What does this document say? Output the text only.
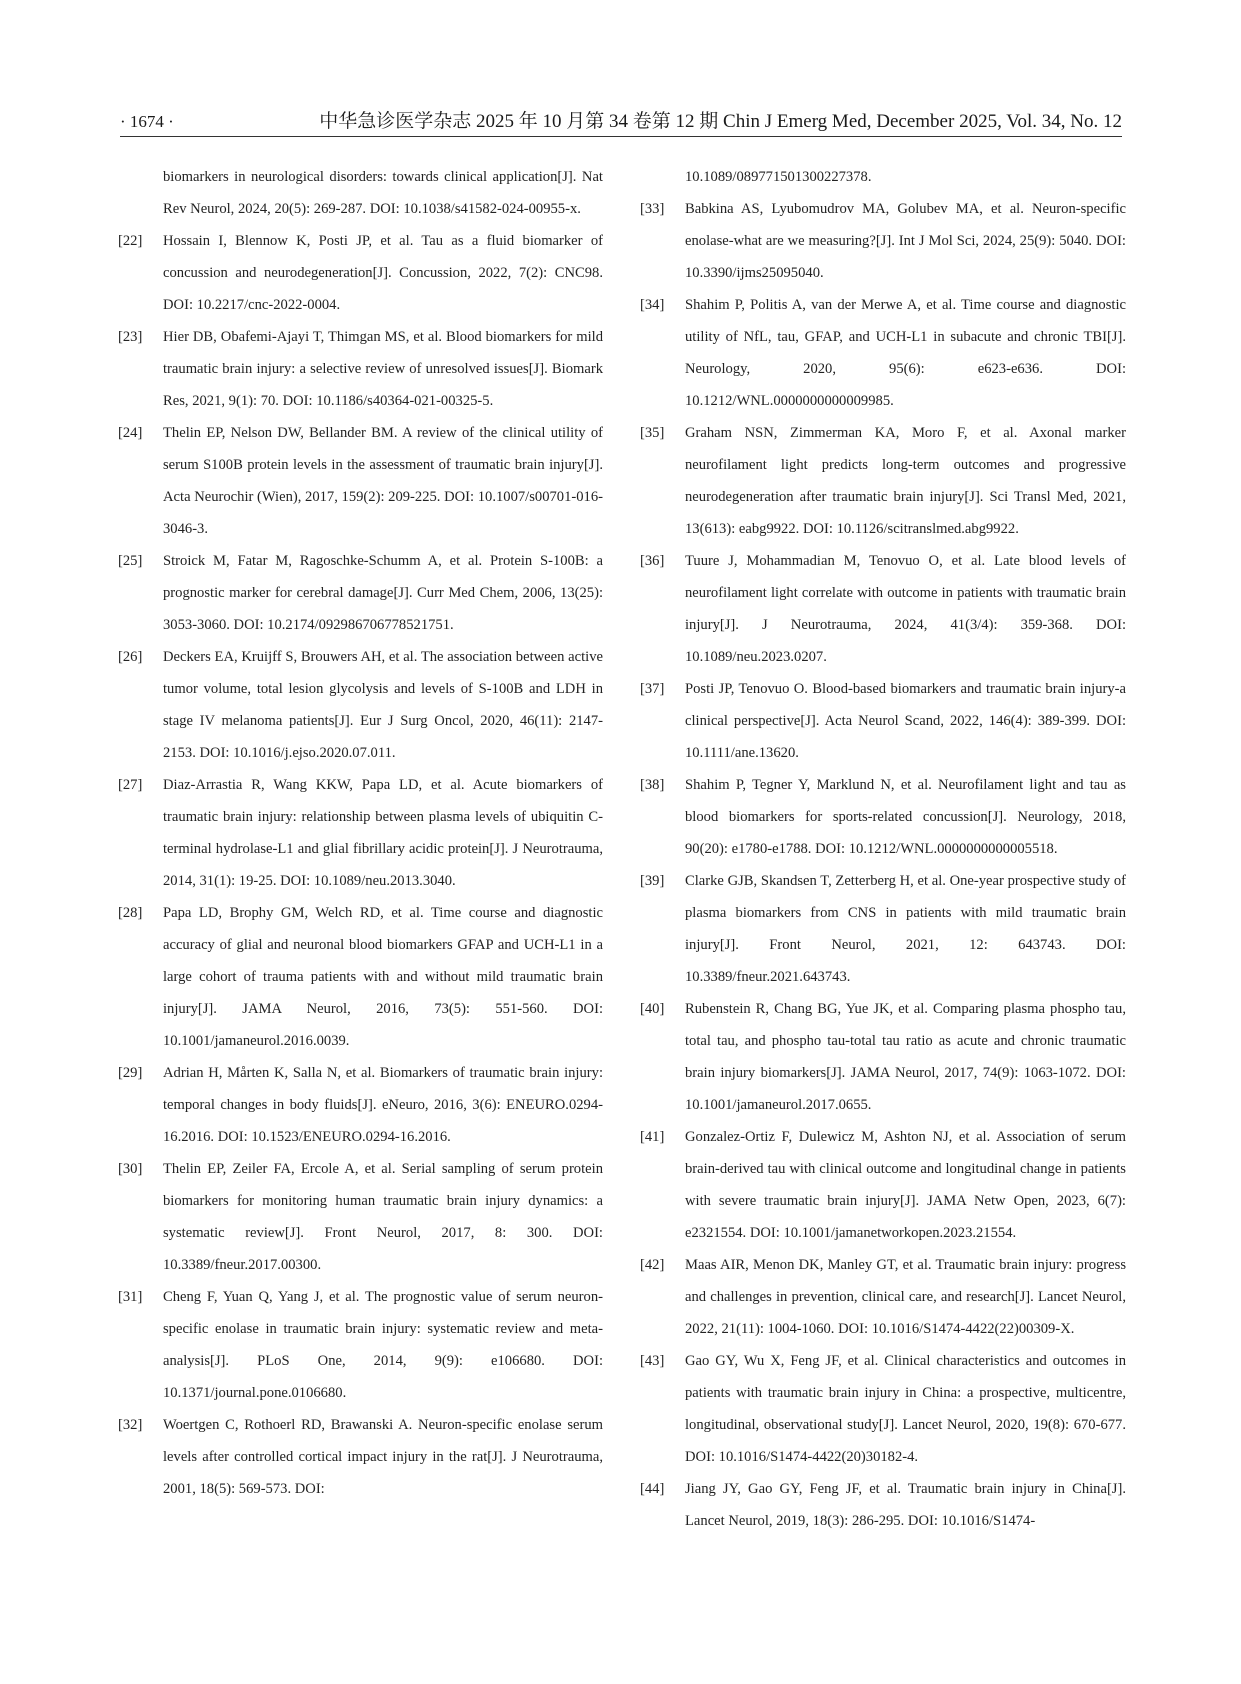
· 1674 ·	中华急诊医学杂志 2025 年 10 月第 34 卷第 12 期 Chin J Emerg Med, December 2025, Vol. 34, No. 12
biomarkers in neurological disorders: towards clinical application[J]. Nat Rev Neurol, 2024, 20(5): 269-287. DOI: 10.1038/s41582-024-00955-x.
[22] Hossain I, Blennow K, Posti JP, et al. Tau as a fluid biomarker of concussion and neurodegeneration[J]. Concussion, 2022, 7(2): CNC98. DOI: 10.2217/cnc-2022-0004.
[23] Hier DB, Obafemi-Ajayi T, Thimgan MS, et al. Blood biomarkers for mild traumatic brain injury: a selective review of unresolved issues[J]. Biomark Res, 2021, 9(1): 70. DOI: 10.1186/s40364-021-00325-5.
[24] Thelin EP, Nelson DW, Bellander BM. A review of the clinical utility of serum S100B protein levels in the assessment of traumatic brain injury[J]. Acta Neurochir (Wien), 2017, 159(2): 209-225. DOI: 10.1007/s00701-016-3046-3.
[25] Stroick M, Fatar M, Ragoschke-Schumm A, et al. Protein S-100B: a prognostic marker for cerebral damage[J]. Curr Med Chem, 2006, 13(25): 3053-3060. DOI: 10.2174/092986706778521751.
[26] Deckers EA, Kruijff S, Brouwers AH, et al. The association between active tumor volume, total lesion glycolysis and levels of S-100B and LDH in stage IV melanoma patients[J]. Eur J Surg Oncol, 2020, 46(11): 2147-2153. DOI: 10.1016/j.ejso.2020.07.011.
[27] Diaz-Arrastia R, Wang KKW, Papa LD, et al. Acute biomarkers of traumatic brain injury: relationship between plasma levels of ubiquitin C-terminal hydrolase-L1 and glial fibrillary acidic protein[J]. J Neurotrauma, 2014, 31(1): 19-25. DOI: 10.1089/neu.2013.3040.
[28] Papa LD, Brophy GM, Welch RD, et al. Time course and diagnostic accuracy of glial and neuronal blood biomarkers GFAP and UCH-L1 in a large cohort of trauma patients with and without mild traumatic brain injury[J]. JAMA Neurol, 2016, 73(5): 551-560. DOI: 10.1001/jamaneurol.2016.0039.
[29] Adrian H, Mårten K, Salla N, et al. Biomarkers of traumatic brain injury: temporal changes in body fluids[J]. eNeuro, 2016, 3(6): ENEURO.0294-16.2016. DOI: 10.1523/ENEURO.0294-16.2016.
[30] Thelin EP, Zeiler FA, Ercole A, et al. Serial sampling of serum protein biomarkers for monitoring human traumatic brain injury dynamics: a systematic review[J]. Front Neurol, 2017, 8: 300. DOI: 10.3389/fneur.2017.00300.
[31] Cheng F, Yuan Q, Yang J, et al. The prognostic value of serum neuron-specific enolase in traumatic brain injury: systematic review and meta-analysis[J]. PLoS One, 2014, 9(9): e106680. DOI: 10.1371/journal.pone.0106680.
[32] Woertgen C, Rothoerl RD, Brawanski A. Neuron-specific enolase serum levels after controlled cortical impact injury in the rat[J]. J Neurotrauma, 2001, 18(5): 569-573. DOI:
10.1089/089771501300227378.
[33] Babkina AS, Lyubomudrov MA, Golubev MA, et al. Neuron-specific enolase-what are we measuring?[J]. Int J Mol Sci, 2024, 25(9): 5040. DOI: 10.3390/ijms25095040.
[34] Shahim P, Politis A, van der Merwe A, et al. Time course and diagnostic utility of NfL, tau, GFAP, and UCH-L1 in subacute and chronic TBI[J]. Neurology, 2020, 95(6): e623-e636. DOI: 10.1212/WNL.0000000000009985.
[35] Graham NSN, Zimmerman KA, Moro F, et al. Axonal marker neurofilament light predicts long-term outcomes and progressive neurodegeneration after traumatic brain injury[J]. Sci Transl Med, 2021, 13(613): eabg9922. DOI: 10.1126/scitranslmed.abg9922.
[36] Tuure J, Mohammadian M, Tenovuo O, et al. Late blood levels of neurofilament light correlate with outcome in patients with traumatic brain injury[J]. J Neurotrauma, 2024, 41(3/4): 359-368. DOI: 10.1089/neu.2023.0207.
[37] Posti JP, Tenovuo O. Blood-based biomarkers and traumatic brain injury-a clinical perspective[J]. Acta Neurol Scand, 2022, 146(4): 389-399. DOI: 10.1111/ane.13620.
[38] Shahim P, Tegner Y, Marklund N, et al. Neurofilament light and tau as blood biomarkers for sports-related concussion[J]. Neurology, 2018, 90(20): e1780-e1788. DOI: 10.1212/WNL.0000000000005518.
[39] Clarke GJB, Skandsen T, Zetterberg H, et al. One-year prospective study of plasma biomarkers from CNS in patients with mild traumatic brain injury[J]. Front Neurol, 2021, 12: 643743. DOI: 10.3389/fneur.2021.643743.
[40] Rubenstein R, Chang BG, Yue JK, et al. Comparing plasma phospho tau, total tau, and phospho tau-total tau ratio as acute and chronic traumatic brain injury biomarkers[J]. JAMA Neurol, 2017, 74(9): 1063-1072. DOI: 10.1001/jamaneurol.2017.0655.
[41] Gonzalez-Ortiz F, Dulewicz M, Ashton NJ, et al. Association of serum brain-derived tau with clinical outcome and longitudinal change in patients with severe traumatic brain injury[J]. JAMA Netw Open, 2023, 6(7): e2321554. DOI: 10.1001/jamanetworkopen.2023.21554.
[42] Maas AIR, Menon DK, Manley GT, et al. Traumatic brain injury: progress and challenges in prevention, clinical care, and research[J]. Lancet Neurol, 2022, 21(11): 1004-1060. DOI: 10.1016/S1474-4422(22)00309-X.
[43] Gao GY, Wu X, Feng JF, et al. Clinical characteristics and outcomes in patients with traumatic brain injury in China: a prospective, multicentre, longitudinal, observational study[J]. Lancet Neurol, 2020, 19(8): 670-677. DOI: 10.1016/S1474-4422(20)30182-4.
[44] Jiang JY, Gao GY, Feng JF, et al. Traumatic brain injury in China[J]. Lancet Neurol, 2019, 18(3): 286-295. DOI: 10.1016/S1474-
